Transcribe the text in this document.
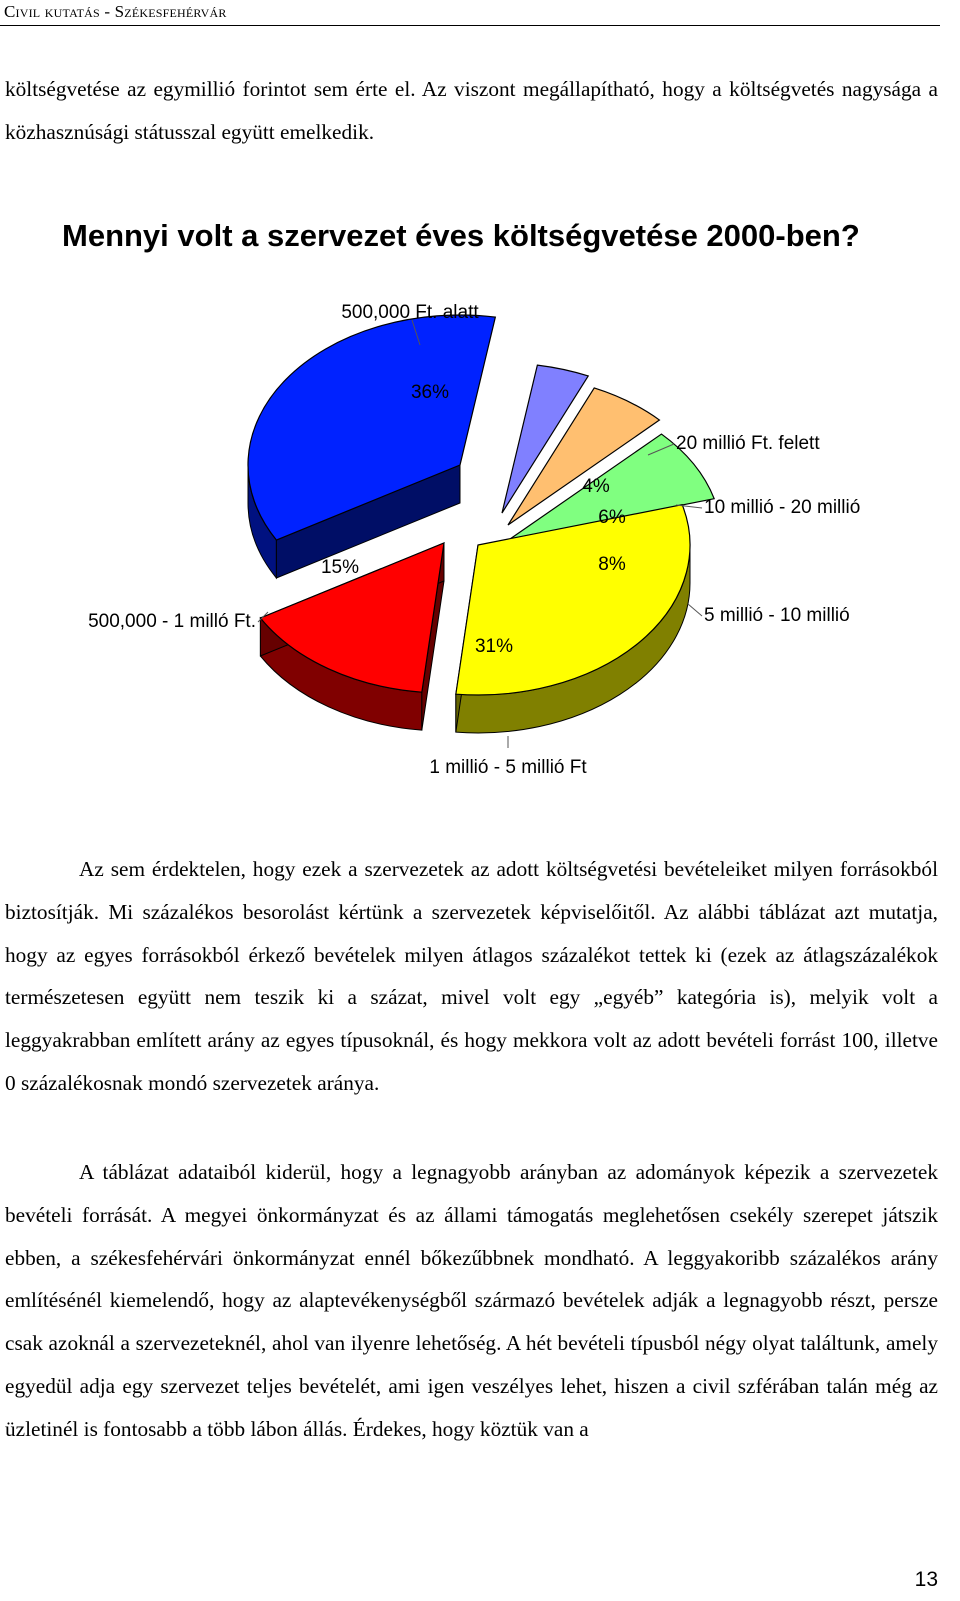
Civil kutatás - Székesfehérvár

költségvetése az egymillió forintot sem érte el. Az viszont megállapítható, hogy a költségvetés nagysága a közhasznúsági státusszal együtt emelkedik.

Mennyi volt a szervezet éves költségvetése 2000-ben?
36%
4%
6%
8%
31%
15%
500,000 Ft. alatt
20 millió Ft. felett
10 millió - 20 millió
5 millió - 10 millió
1 millió - 5 millió Ft
500,000 - 1 milló Ft.

Az sem érdektelen, hogy ezek a szervezetek az adott költségvetési bevételeiket milyen forrásokból biztosítják. Mi százalékos besorolást kértünk a szervezetek képviselőitől. Az alábbi táblázat azt mutatja, hogy az egyes forrásokból érkező bevételek milyen átlagos százalékot tettek ki (ezek az átlagszázalékok természetesen együtt nem teszik ki a százat, mivel volt egy „egyéb” kategória is), melyik volt a leggyakrabban említett arány az egyes típusoknál, és hogy mekkora volt az adott bevételi forrást 100, illetve 0 százalékosnak mondó szervezetek aránya.

A táblázat adataiból kiderül, hogy a legnagyobb arányban az adományok képezik a szervezetek bevételi forrását. A megyei önkormányzat és az állami támogatás meglehetősen csekély szerepet játszik ebben, a székesfehérvári önkormányzat ennél bőkezűbbnek mondható. A leggyakoribb százalékos arány említésénél kiemelendő, hogy az alaptevékenységből származó bevételek adják a legnagyobb részt, persze csak azoknál a szervezeteknél, ahol van ilyenre lehetőség. A hét bevételi típusból négy olyat találtunk, amely egyedül adja egy szervezet teljes bevételét, ami igen veszélyes lehet, hiszen a civil szférában talán még az üzletinél is fontosabb a több lábon állás. Érdekes, hogy köztük van a

13
